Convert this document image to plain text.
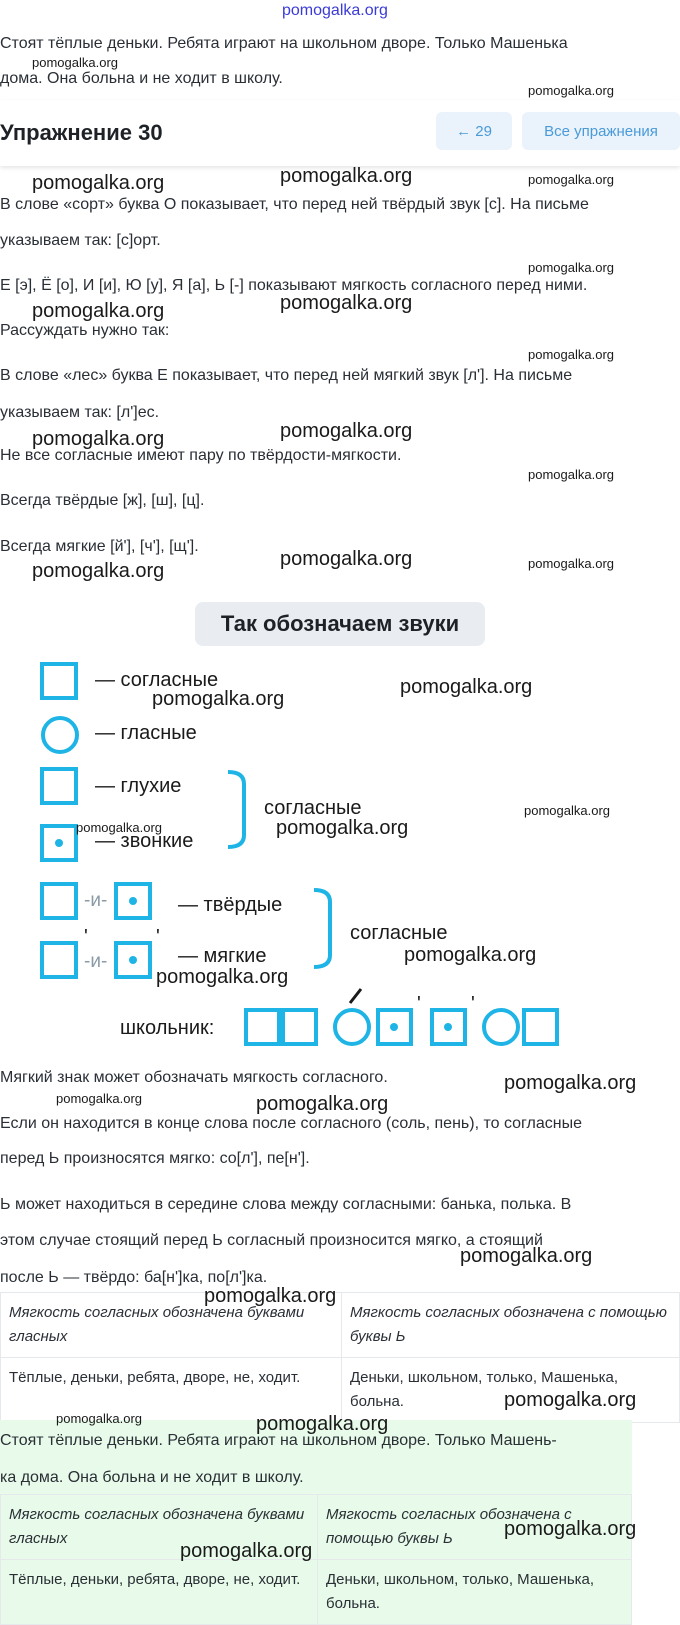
pomogalka.org
Стоят тёплые деньки. Ребята играют на школьном дворе. Только Машенька
дома. Она больна и не ходит в школу.
Упражнение 30	← 29	Все упражнения
В слове «сорт» буква О показывает, что перед ней твёрдый звук [с]. На письме
указываем так: [с]орт.
Е [э], Ё [о], И [и], Ю [у], Я [а], Ь [-] показывают мягкость согласного перед ними.
Рассуждать нужно так:
В слове «лес» буква Е показывает, что перед ней мягкий звук [л']. На письме
указываем так: [л']ес.
Не все согласные имеют пару по твёрдости-мягкости.
Всегда твёрдые [ж], [ш], [ц].
Всегда мягкие [й'], [ч'], [щ'].
Так обозначаем звуки
— согласные
— гласные
— глухие
— звонкие
согласные
-и-
-и-
'	'
— твёрдые
— мягкие
согласные
'	'
школьник:
Мягкий знак может обозначать мягкость согласного.
Если он находится в конце слова после согласного (соль, пень), то согласные
перед Ь произносятся мягко: со[л'], пе[н'].
Ь может находиться в середине слова между согласными: банька, полька. В
этом случае стоящий перед Ь согласный произносится мягко, а стоящий
после Ь — твёрдо: ба[н']ка, по[л']ка.
Мягкость согласных обозначена буквами гласных	Мягкость согласных обозначена с помощью буквы Ь
Тёплые, деньки, ребята, дворе, не, ходит.	Деньки, школьном, только, Машенька, больна.
Стоят тёплые деньки. Ребята играют на школьном дворе. Только Машень-
ка дома. Она больна и не ходит в школу.
Мягкость согласных обозначена буквами гласных	Мягкость согласных обозначена с помощью буквы Ь
Тёплые, деньки, ребята, дворе, не, ходит.	Деньки, школьном, только, Машенька, больна.
pomogalka.org
pomogalka.org
pomogalka.org
pomogalka.org	pomogalka.org
pomogalka.org
pomogalka.org
pomogalka.org
pomogalka.org
pomogalka.org
pomogalka.org
pomogalka.org
pomogalka.org
pomogalka.org	pomogalka.org
pomogalka.org
pomogalka.org
pomogalka.org
pomogalka.org	pomogalka.org
pomogalka.org
pomogalka.org
pomogalka.org
pomogalka.org	pomogalka.org
pomogalka.org
pomogalka.org
pomogalka.org
pomogalka.org	pomogalka.org
pomogalka.org
pomogalka.org
